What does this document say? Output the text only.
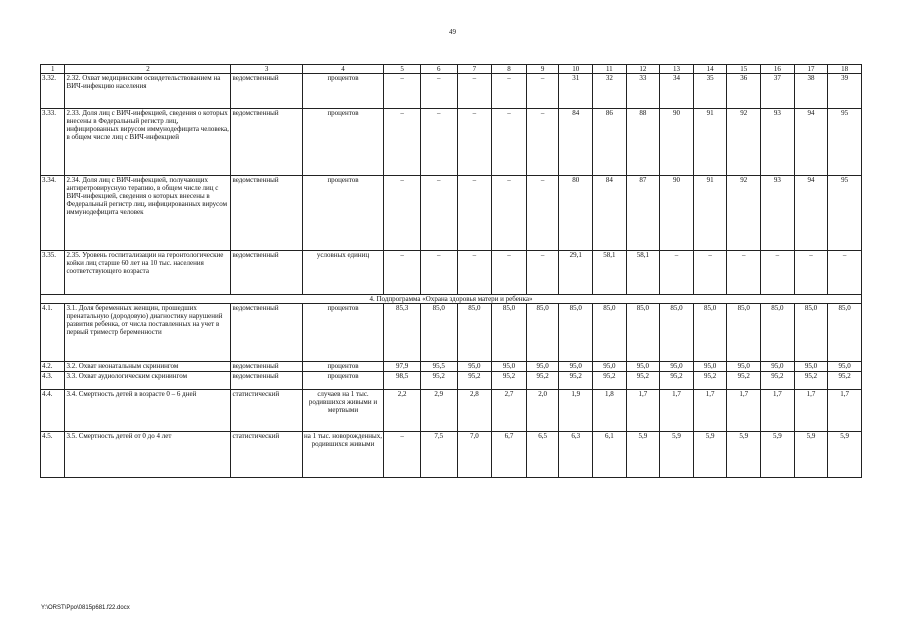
49
1	2	3	4	5	6	7	8	9	10	11	12	13	14	15	16	17	18
3.32.	2.32. Охват медицинским освидетельствованием на ВИЧ-инфекцию населения	ведомственный	процентов	–	–	–	–	–	31	32	33	34	35	36	37	38	39
3.33.	2.33. Доля лиц с ВИЧ-инфекцией, сведения о которых внесены в Федеральный регистр лиц, инфицированных вирусом иммунодефицита человека, в общем числе лиц с ВИЧ-инфекцией	ведомственный	процентов	–	–	–	–	–	84	86	88	90	91	92	93	94	95
3.34.	2.34. Доля лиц с ВИЧ-инфекцией, получающих антиретровирусную терапию, в общем числе лиц с ВИЧ-инфекцией, сведения о которых внесены в Федеральный регистр лиц, инфицированных вирусом иммунодефицита человек	ведомственный	процентов	–	–	–	–	–	80	84	87	90	91	92	93	94	95
3.35.	2.35. Уровень госпитализации на геронтологические койки лиц старше 60 лет на 10 тыс. населения соответствующего возраста	ведомственный	условных единиц	–	–	–	–	–	29,1	58,1	58,1	–	–	–	–	–	–
4. Подпрограмма «Охрана здоровья матери и ребенка»																	
4.1.	3.1. Доля беременных женщин, прошедших пренатальную (дородовую) диагностику нарушений развития ребенка, от числа поставленных на учет в первый триместр беременности	ведомственный	процентов	85,3	85,0	85,0	85,0	85,0	85,0	85,0	85,0	85,0	85,0	85,0	85,0	85,0	85,0
4.2.	3.2. Охват неонатальным скринингом	ведомственный	процентов	97,9	95,5	95,0	95,0	95,0	95,0	95,0	95,0	95,0	95,0	95,0	95,0	95,0	95,0
4.3.	3.3. Охват аудиологическим скринингом	ведомственный	процентов	98,5	95,2	95,2	95,2	95,2	95,2	95,2	95,2	95,2	95,2	95,2	95,2	95,2	95,2
4.4.	3.4. Смертность детей в возрасте 0 – 6 дней	статистический	случаев на 1 тыс. родившихся живыми и мертвыми	2,2	2,9	2,8	2,7	2,0	1,9	1,8	1,7	1,7	1,7	1,7	1,7	1,7	1,7
4.5.	3.5. Смертность детей от 0 до 4 лет	статистический	на 1 тыс. новорожденных, родившихся живыми	–	7,5	7,0	6,7	6,5	6,3	6,1	5,9	5,9	5,9	5,9	5,9	5,9	5,9
Y:\ORST\Ppo\0815p681.f22.docx
